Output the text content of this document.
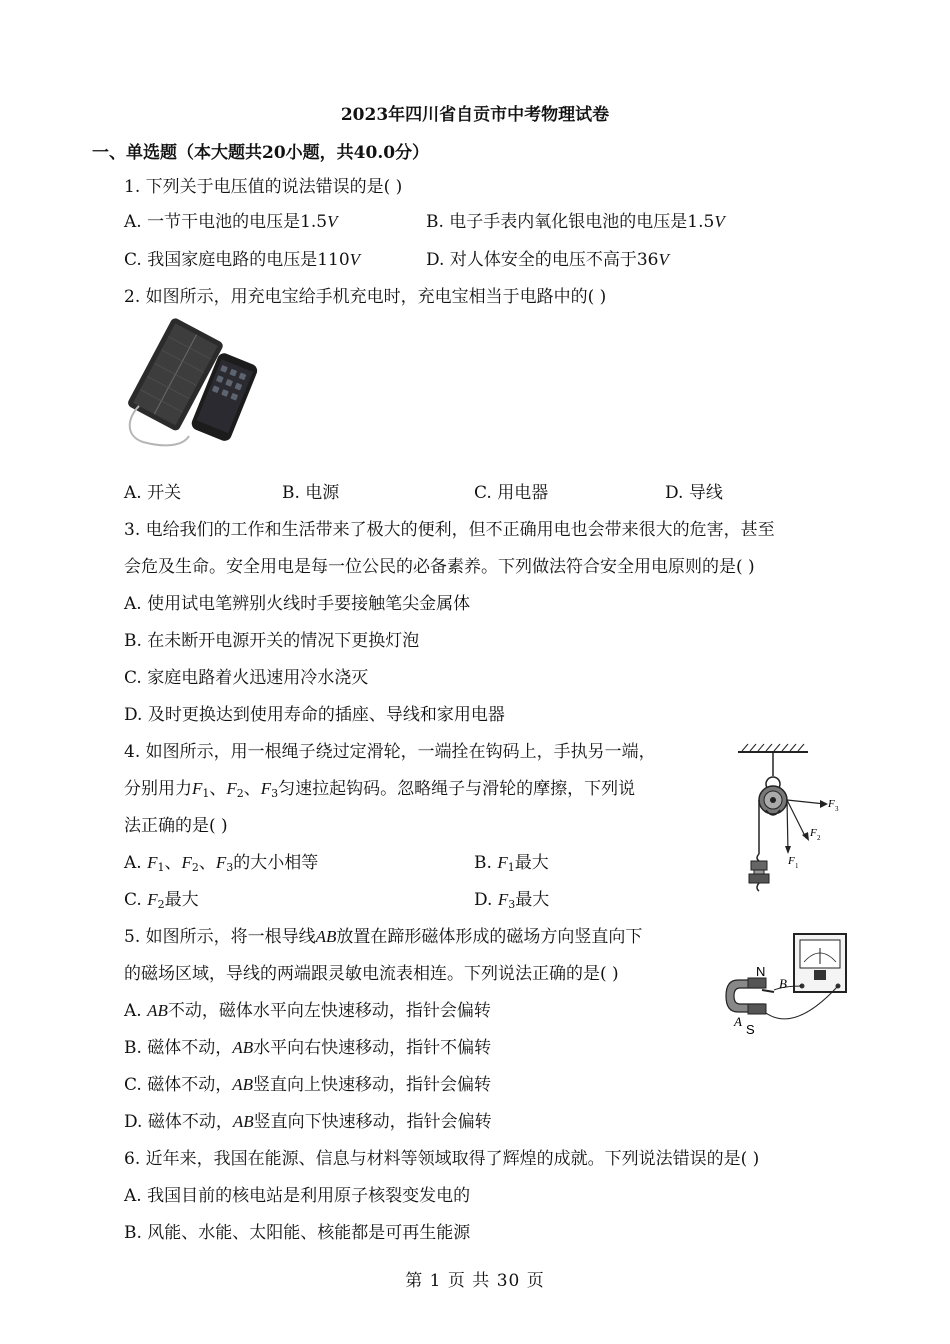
2023年四川省自贡市中考物理试卷
一、单选题（本大题共20小题，共40.0分）
1. 下列关于电压值的说法错误的是( )
A. 一节干电池的电压是1.5V	B. 电子手表内氧化银电池的电压是1.5V
C. 我国家庭电路的电压是110V	D. 对人体安全的电压不高于36V
2. 如图所示，用充电宝给手机充电时，充电宝相当于电路中的( )
A. 开关	B. 电源	C. 用电器	D. 导线
3. 电给我们的工作和生活带来了极大的便利，但不正确用电也会带来很大的危害，甚至
会危及生命。安全用电是每一位公民的必备素养。下列做法符合安全用电原则的是( )
A. 使用试电笔辨别火线时手要接触笔尖金属体
B. 在未断开电源开关的情况下更换灯泡
C. 家庭电路着火迅速用冷水浇灭
D. 及时更换达到使用寿命的插座、导线和家用电器
4. 如图所示，用一根绳子绕过定滑轮，一端拴在钩码上，手执另一端，
分别用力$F_1$、$F_2$、$F_3$匀速拉起钩码。忽略绳子与滑轮的摩擦，下列说
法正确的是( )
A. $F_1$、$F_2$、$F_3$的大小相等	B. $F_1$最大
C. $F_2$最大	D. $F_3$最大
F 1
F 2
F 3
5. 如图所示，将一根导线AB放置在蹄形磁体形成的磁场方向竖直向下
的磁场区域，导线的两端跟灵敏电流表相连。下列说法正确的是( )
A. AB不动，磁体水平向左快速移动，指针会偏转
B. 磁体不动，AB水平向右快速移动，指针不偏转
C. 磁体不动，AB竖直向上快速移动，指针会偏转
D. 磁体不动，AB竖直向下快速移动，指针会偏转
N
B
A
S
6. 近年来，我国在能源、信息与材料等领域取得了辉煌的成就。下列说法错误的是( )
A. 我国目前的核电站是利用原子核裂变发电的
B. 风能、水能、太阳能、核能都是可再生能源
第 1 页 共 30 页
